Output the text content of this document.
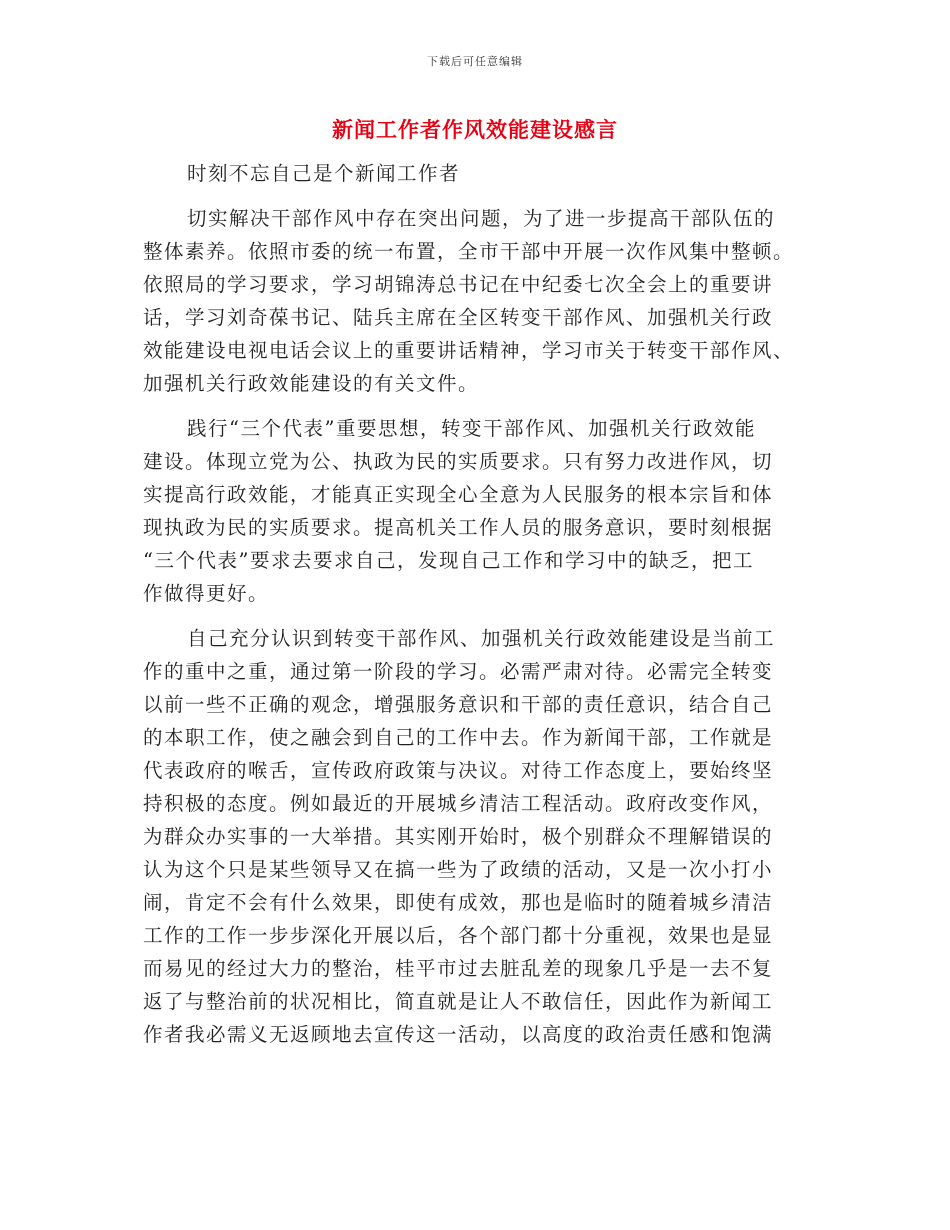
下载后可任意编辑
新闻工作者作风效能建设感言
时刻不忘自己是个新闻工作者
切实解决干部作风中存在突出问题，为了进一步提高干部队伍的
整体素养。依照市委的统一布置，全市干部中开展一次作风集中整顿。
依照局的学习要求，学习胡锦涛总书记在中纪委七次全会上的重要讲
话，学习刘奇葆书记、陆兵主席在全区转变干部作风、加强机关行政
效能建设电视电话会议上的重要讲话精神，学习市关于转变干部作风、
加强机关行政效能建设的有关文件。
践行“三个代表”重要思想，转变干部作风、加强机关行政效能
建设。体现立党为公、执政为民的实质要求。只有努力改进作风，切
实提高行政效能，才能真正实现全心全意为人民服务的根本宗旨和体
现执政为民的实质要求。提高机关工作人员的服务意识，要时刻根据
“三个代表”要求去要求自己，发现自己工作和学习中的缺乏，把工
作做得更好。
自己充分认识到转变干部作风、加强机关行政效能建设是当前工
作的重中之重，通过第一阶段的学习。必需严肃对待。必需完全转变
以前一些不正确的观念，增强服务意识和干部的责任意识，结合自己
的本职工作，使之融会到自己的工作中去。作为新闻干部，工作就是
代表政府的喉舌，宣传政府政策与决议。对待工作态度上，要始终坚
持积极的态度。例如最近的开展城乡清洁工程活动。政府改变作风，
为群众办实事的一大举措。其实刚开始时，极个别群众不理解错误的
认为这个只是某些领导又在搞一些为了政绩的活动，又是一次小打小
闹，肯定不会有什么效果，即使有成效，那也是临时的随着城乡清洁
工作的工作一步步深化开展以后，各个部门都十分重视，效果也是显
而易见的经过大力的整治，桂平市过去脏乱差的现象几乎是一去不复
返了与整治前的状况相比，简直就是让人不敢信任，因此作为新闻工
作者我必需义无返顾地去宣传这一活动，以高度的政治责任感和饱满
